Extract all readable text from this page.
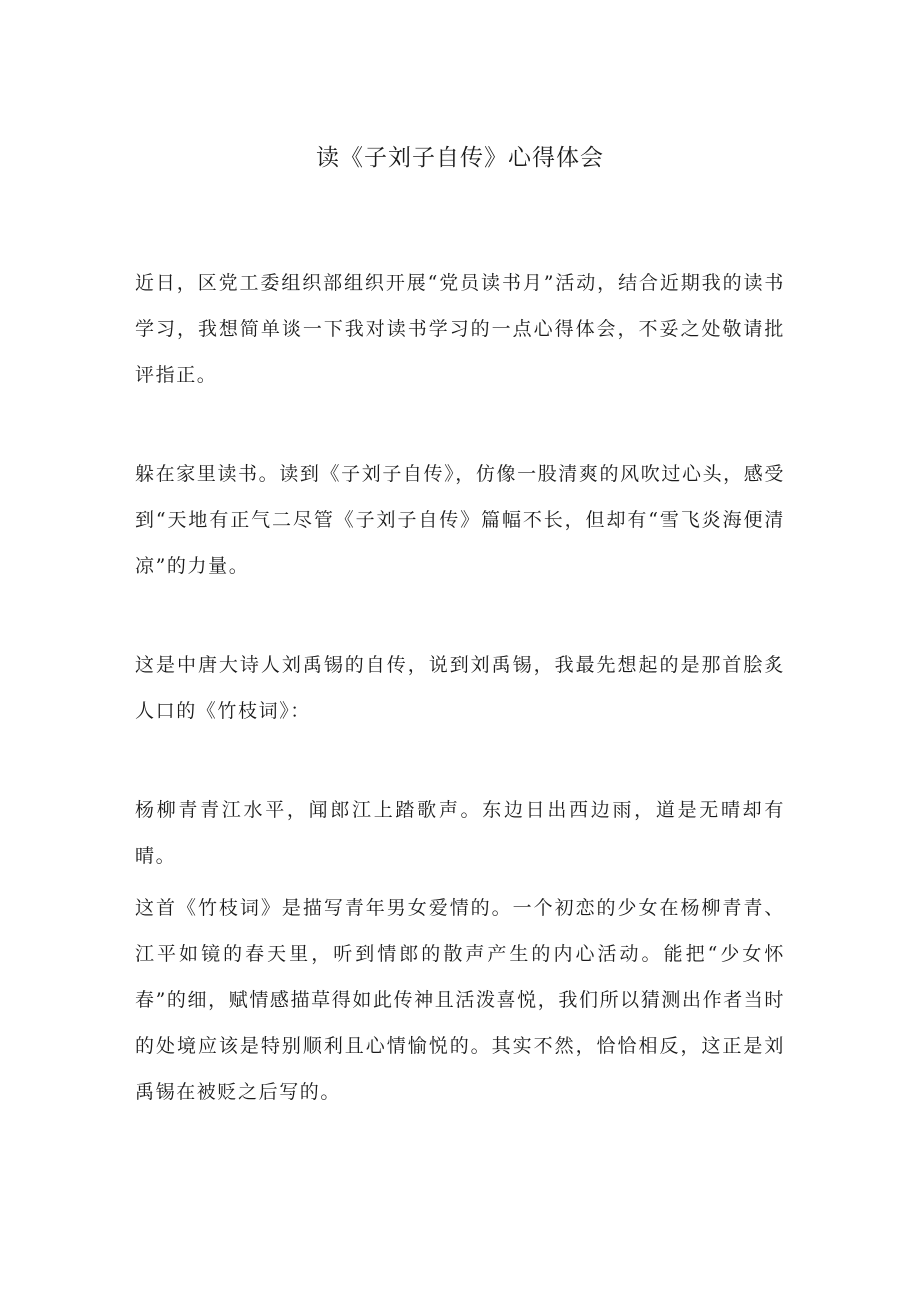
读《子刘子自传》心得体会

近日，区党工委组织部组织开展“党员读书月”活动，结合近期我的读书学习，我想简单谈一下我对读书学习的一点心得体会，不妥之处敬请批评指正。

躲在家里读书。读到《子刘子自传》，仿像一股清爽的风吹过心头，感受到“天地有正气二尽管《子刘子自传》篇幅不长，但却有“雪飞炎海便清凉”的力量。

这是中唐大诗人刘禹锡的自传，说到刘禹锡，我最先想起的是那首脍炙人口的《竹枝词》：

杨柳青青江水平，闻郎江上踏歌声。东边日出西边雨，道是无晴却有晴。

这首《竹枝词》是描写青年男女爱情的。一个初恋的少女在杨柳青青、江平如镜的春天里，听到情郎的散声产生的内心活动。能把“少女怀春”的细，赋情感描草得如此传神且活泼喜悦，我们所以猜测出作者当时的处境应该是特别顺利且心情愉悦的。其实不然，恰恰相反，这正是刘禹锡在被贬之后写的。
